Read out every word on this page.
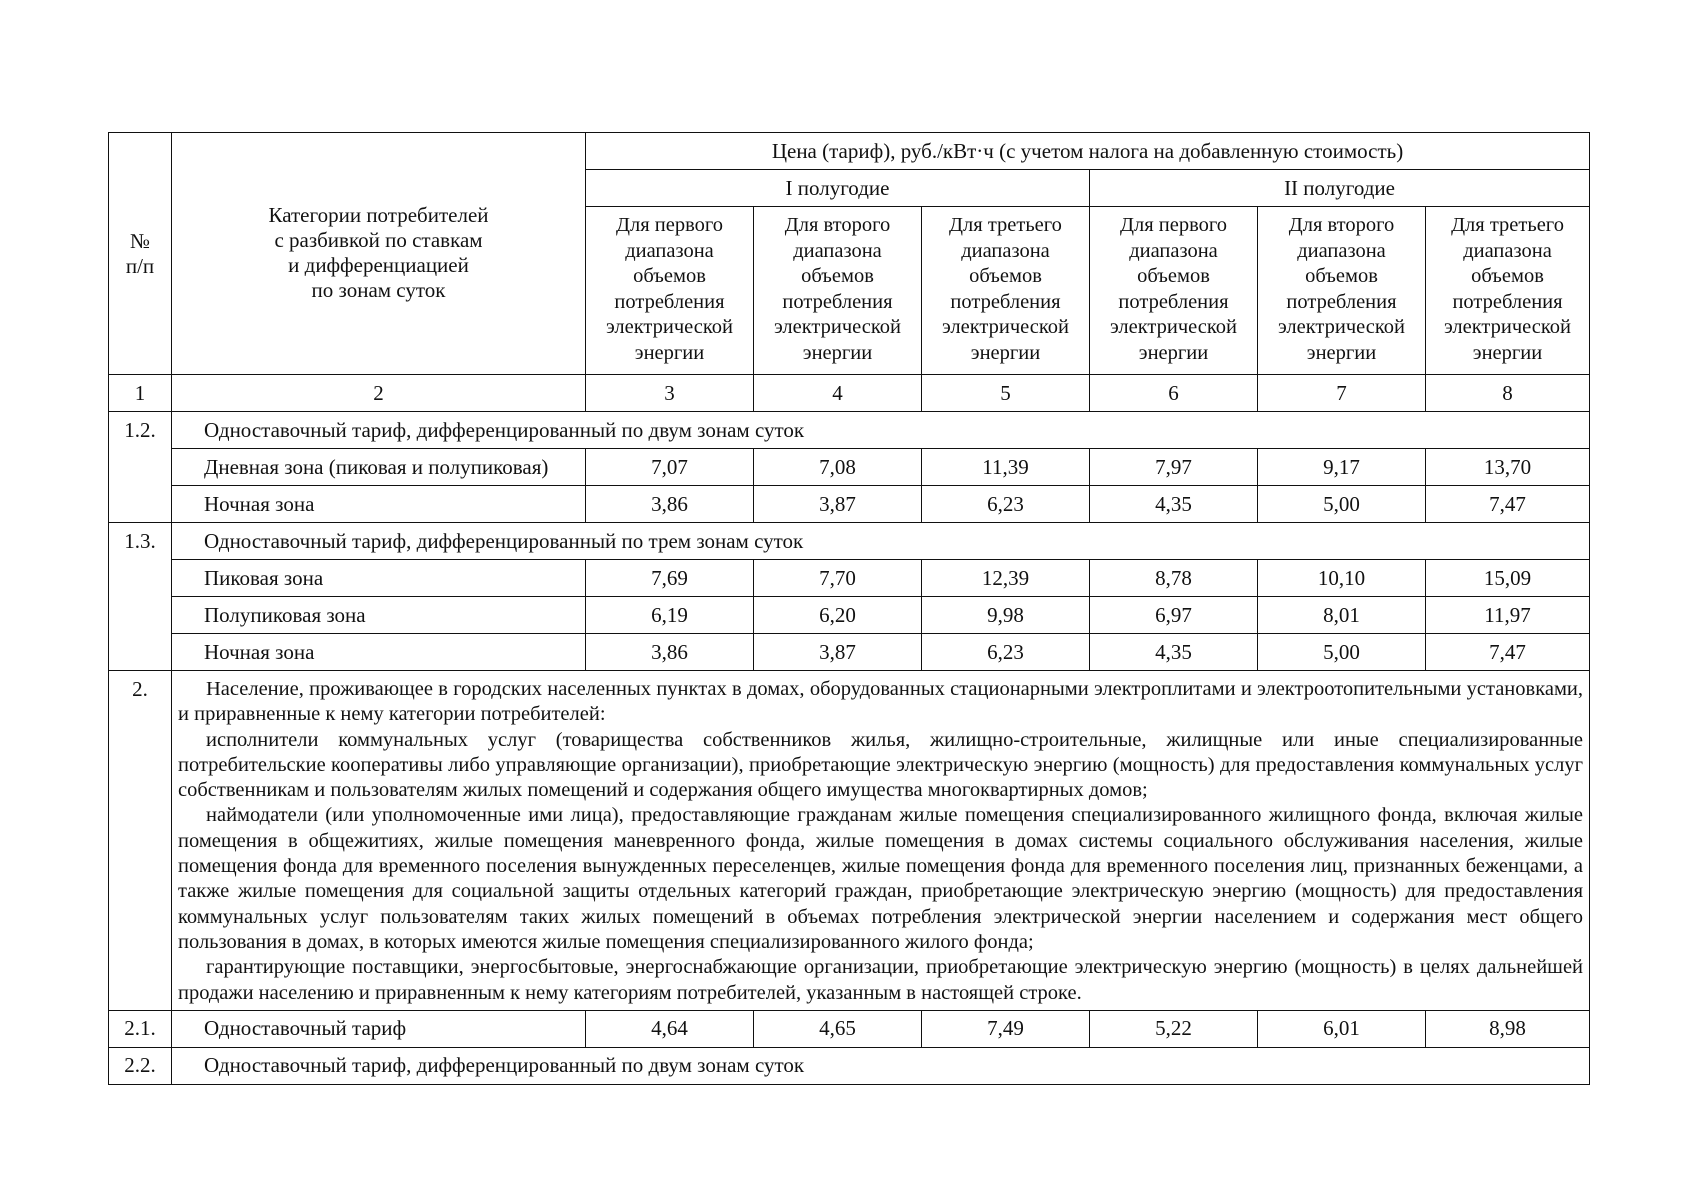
№
п/п	Категории потребителей
с разбивкой по ставкам
и дифференциацией
по зонам суток	Цена (тариф), руб./кВт·ч (с учетом налога на добавленную стоимость)					
		I полугодие			II полугодие		
		Для первого диапазона объемов потребления электрической энергии	Для второго диапазона объемов потребления электрической энергии	Для третьего диапазона объемов потребления электрической энергии	Для первого диапазона объемов потребления электрической энергии	Для второго диапазона объемов потребления электрической энергии	Для третьего диапазона объемов потребления электрической энергии
1	2	3	4	5	6	7	8
1.2.	Одноставочный тариф, дифференцированный по двум зонам суток						
	Дневная зона (пиковая и полупиковая)	7,07	7,08	11,39	7,97	9,17	13,70
	Ночная зона	3,86	3,87	6,23	4,35	5,00	7,47
1.3.	Одноставочный тариф, дифференцированный по трем зонам суток						
	Пиковая зона	7,69	7,70	12,39	8,78	10,10	15,09
	Полупиковая зона	6,19	6,20	9,98	6,97	8,01	11,97
	Ночная зона	3,86	3,87	6,23	4,35	5,00	7,47
2.	Население, проживающее в городских населенных пунктах в домах, оборудованных стационарными электроплитами и электроотопительными установками, и приравненные к нему категории потребителей:

исполнители коммунальных услуг (товарищества собственников жилья, жилищно-строительные, жилищные или иные специализированные потребительские кооперативы либо управляющие организации), приобретающие электрическую энергию (мощность) для предоставления коммунальных услуг собственникам и пользователям жилых помещений и содержания общего имущества многоквартирных домов;

наймодатели (или уполномоченные ими лица), предоставляющие гражданам жилые помещения специализированного жилищного фонда, включая жилые помещения в общежитиях, жилые помещения маневренного фонда, жилые помещения в домах системы социального обслуживания населения, жилые помещения фонда для временного поселения вынужденных переселенцев, жилые помещения фонда для временного поселения лиц, признанных беженцами, а также жилые помещения для социальной защиты отдельных категорий граждан, приобретающие электрическую энергию (мощность) для предоставления коммунальных услуг пользователям таких жилых помещений в объемах потребления электрической энергии населением и содержания мест общего пользования в домах, в которых имеются жилые помещения специализированного жилого фонда;

гарантирующие поставщики, энергосбытовые, энергоснабжающие организации, приобретающие электрическую энергию (мощность) в целях дальнейшей продажи населению и приравненным к нему категориям потребителей, указанным в настоящей строке.						

2.1.	Одноставочный тариф	4,64	4,65	7,49	5,22	6,01	8,98
2.2.	Одноставочный тариф, дифференцированный по двум зонам суток						
